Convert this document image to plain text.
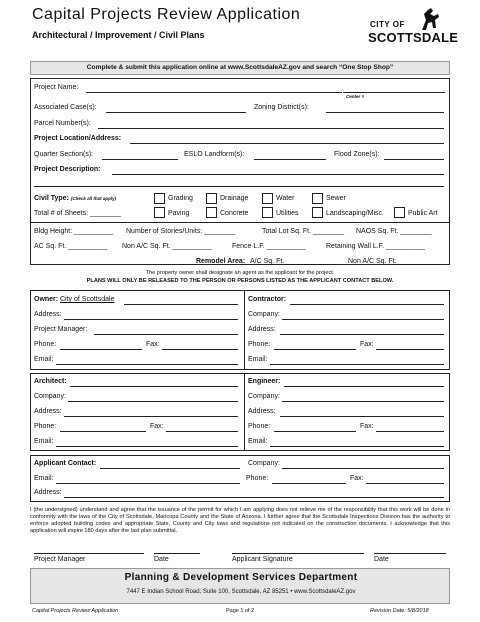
Capital Projects Review Application
Architectural / Improvement / Civil Plans
CITY OF
SCOTTSDALE
Complete & submit this application online at www.ScottsdaleAZ.gov and search “One Stop Shop”
Project Name:
Center #
Associated Case(s):	Zoning District(s):
Parcel Number(s):
Project Location/Address:
Quarter Section(s):	ESLO Landform(s):	Flood Zone(s):
Project Description:
Civil Type: (Check all that apply)	Grading	Drainage	Water	Sewer
Total # of Sheets: ________	Paving	Concrete	Utilities	Landscaping/Misc.	Public Art
Bldg Height: __________ Number of Stories/Units: ________	Total Lot Sq. Ft. ________ NAOS Sq. Ft. ________
AC Sq. Ft. __________ Non A/C Sq. Ft. __________	Fence L.F. __________	Retaining Wall L.F. __________
Remodel Area: A/C Sq. Ft. __________	Non A/C Sq. Ft. __________
The property owner shall designate an agent as the applicant for the project.
PLANS WILL ONLY BE RELEASED TO THE PERSON OR PERSONS LISTED AS THE APPLICANT CONTACT BELOW.
Owner: City of Scottsdale
Address:
Project Manager:
Phone:	Fax:
Email:
Contractor:
Company:
Address:
Phone:	Fax:
Email:
Architect:
Company:
Address:
Phone:	Fax:
Email:
Engineer:
Company:
Address:
Phone:	Fax:
Email:
Applicant Contact:	Company:
Email:	Phone:	Fax:
Address:
I (the undersigned) understand and agree that the issuance of the permit for which I am applying does not relieve me of the responsibility that this work will be done in conformity with the laws of the City of Scottsdale, Maricopa County and the State of Arizona. I further agree that the Scottsdale Inspections Division has the authority to enforce adopted building codes and appropriate State, County and City laws and regulations not indicated on the construction documents. I acknowledge that this application will expire 180 days after the last plan submittal.
Project Manager	Date	Applicant Signature	Date
Planning & Development Services Department
7447 E Indian School Road, Suite 100, Scottsdale, AZ 85251 • www.ScottsdaleAZ.gov
Capital Projects Review Application	Page 1 of 2	Revision Date: 5/8/2018
